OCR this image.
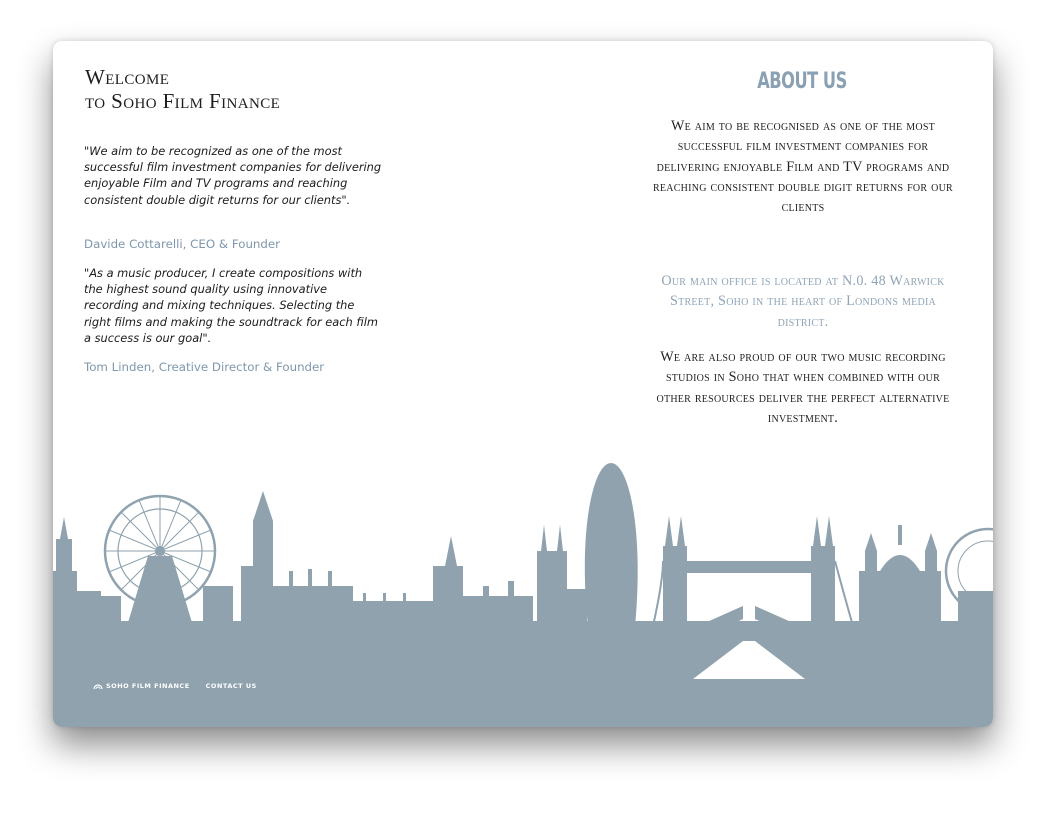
Welcome
to Soho Film Finance

"We aim to be recognized as one of the most successful film investment companies for delivering enjoyable Film and TV programs and reaching consistent double digit returns for our clients".

Davide Cottarelli, CEO & Founder

"As a music producer, I create compositions with the highest sound quality using innovative recording and mixing techniques. Selecting the right films and making the soundtrack for each film a success is our goal".

Tom Linden, Creative Director & Founder

ABOUT US

We aim to be recognised as one of the most successful film investment companies for delivering enjoyable Film and TV programs and reaching consistent double digit returns for our clients

Our main office is located at N.0. 48 Warwick Street, Soho in the heart of Londons media district.

We are also proud of our two music recording studios in Soho that when combined with our other resources deliver the perfect alternative investment.

SOHO FILM FINANCE CONTACT US
